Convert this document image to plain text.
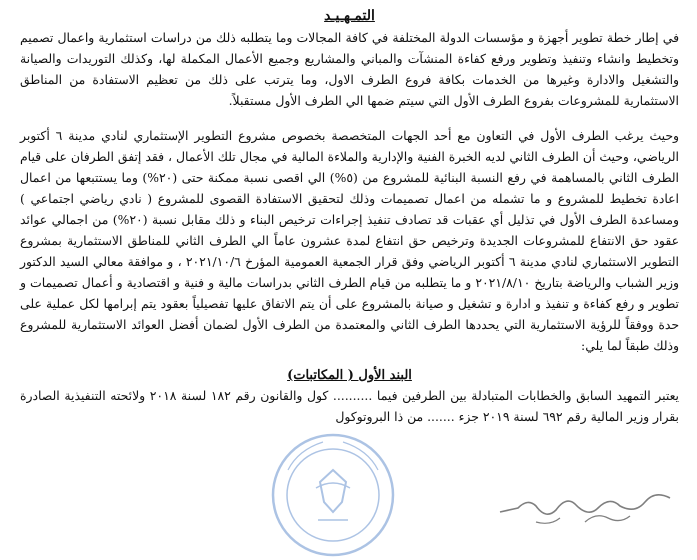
التمـهـيـد

في إطار خطة تطوير أجهزة و مؤسسات الدولة المختلفة في كافة المجالات وما يتطلبه ذلك من دراسات استثمارية واعمال تصميم وتخطيط وانشاء وتنفيذ وتطوير ورفع كفاءة المنشآت والمباني والمشاريع وجميع الأعمال المكملة لها، وكذلك التوريدات والصيانة والتشغيل والادارة وغيرها من الخدمات بكافة فروع الطرف الاول، وما يترتب على ذلك من تعظيم الاستفادة من المناطق الاستثمارية للمشروعات بفروع الطرف الأول التي سيتم ضمها الي الطرف الأول مستقبلاً.

وحيث يرغب الطرف الأول في التعاون مع أحد الجهات المتخصصة بخصوص مشروع التطوير الإستثماري لنادي مدينة ٦ أكتوبر الرياضي، وحيث أن الطرف الثاني لديه الخبرة الفنية والإدارية والملاءة المالية في مجال تلك الأعمال ، فقد إتفق الطرفان على قيام الطرف الثاني بالمساهمة في رفع النسبة البنائية للمشروع من (٥%) الي اقصى نسبة ممكنة حتى (٢٠%) وما يستتبعها من اعمال اعادة تخطيط للمشروع و ما تشمله من اعمال تصميمات وذلك لتحقيق الاستفادة القصوى للمشروع ( نادي رياضي اجتماعي ) ومساعدة الطرف الأول في تذليل أي عقبات قد تصادف تنفيذ إجراءات ترخيص البناء و ذلك مقابل نسبة (٢٠%) من اجمالي عوائد عقود حق الانتفاع للمشروعات الجديدة وترخيص حق انتفاع لمدة عشرون عاماً الي الطرف الثاني للمناطق الاستثمارية بمشروع التطوير الاستثماري لنادي مدينة ٦ أكتوبر الرياضي وفق قرار الجمعية العمومية المؤرخ ٢٠٢١/١٠/٦ ، و موافقة معالي السيد الدكتور وزير الشباب والرياضة بتاريخ ٢٠٢١/٨/١٠ و ما يتطلبه من قيام الطرف الثاني بدراسات مالية و فنية و اقتصادية و أعمال تصميمات و تطوير و رفع كفاءة و تنفيذ و ادارة و تشغيل و صيانة بالمشروع على أن يتم الاتفاق عليها تفصيلياً بعقود يتم إبرامها لكل عملية على حدة ووفقاً للرؤية الاستثمارية التي يحددها الطرف الثاني والمعتمدة من الطرف الأول لضمان أفضل العوائد الاستثمارية للمشروع وذلك طبقاً لما يلي:

البند الأول ( المكاتبات)

يعتبر التمهيد السابق والخطابات المتبادلة بين الطرفين فيما .......... كول والقانون رقم ١٨٢ لسنة ٢٠١٨ ولائحته التنفيذية الصادرة بقرار وزير المالية رقم ٦٩٢ لسنة ٢٠١٩ جزء ....... من ذا البروتوكول
